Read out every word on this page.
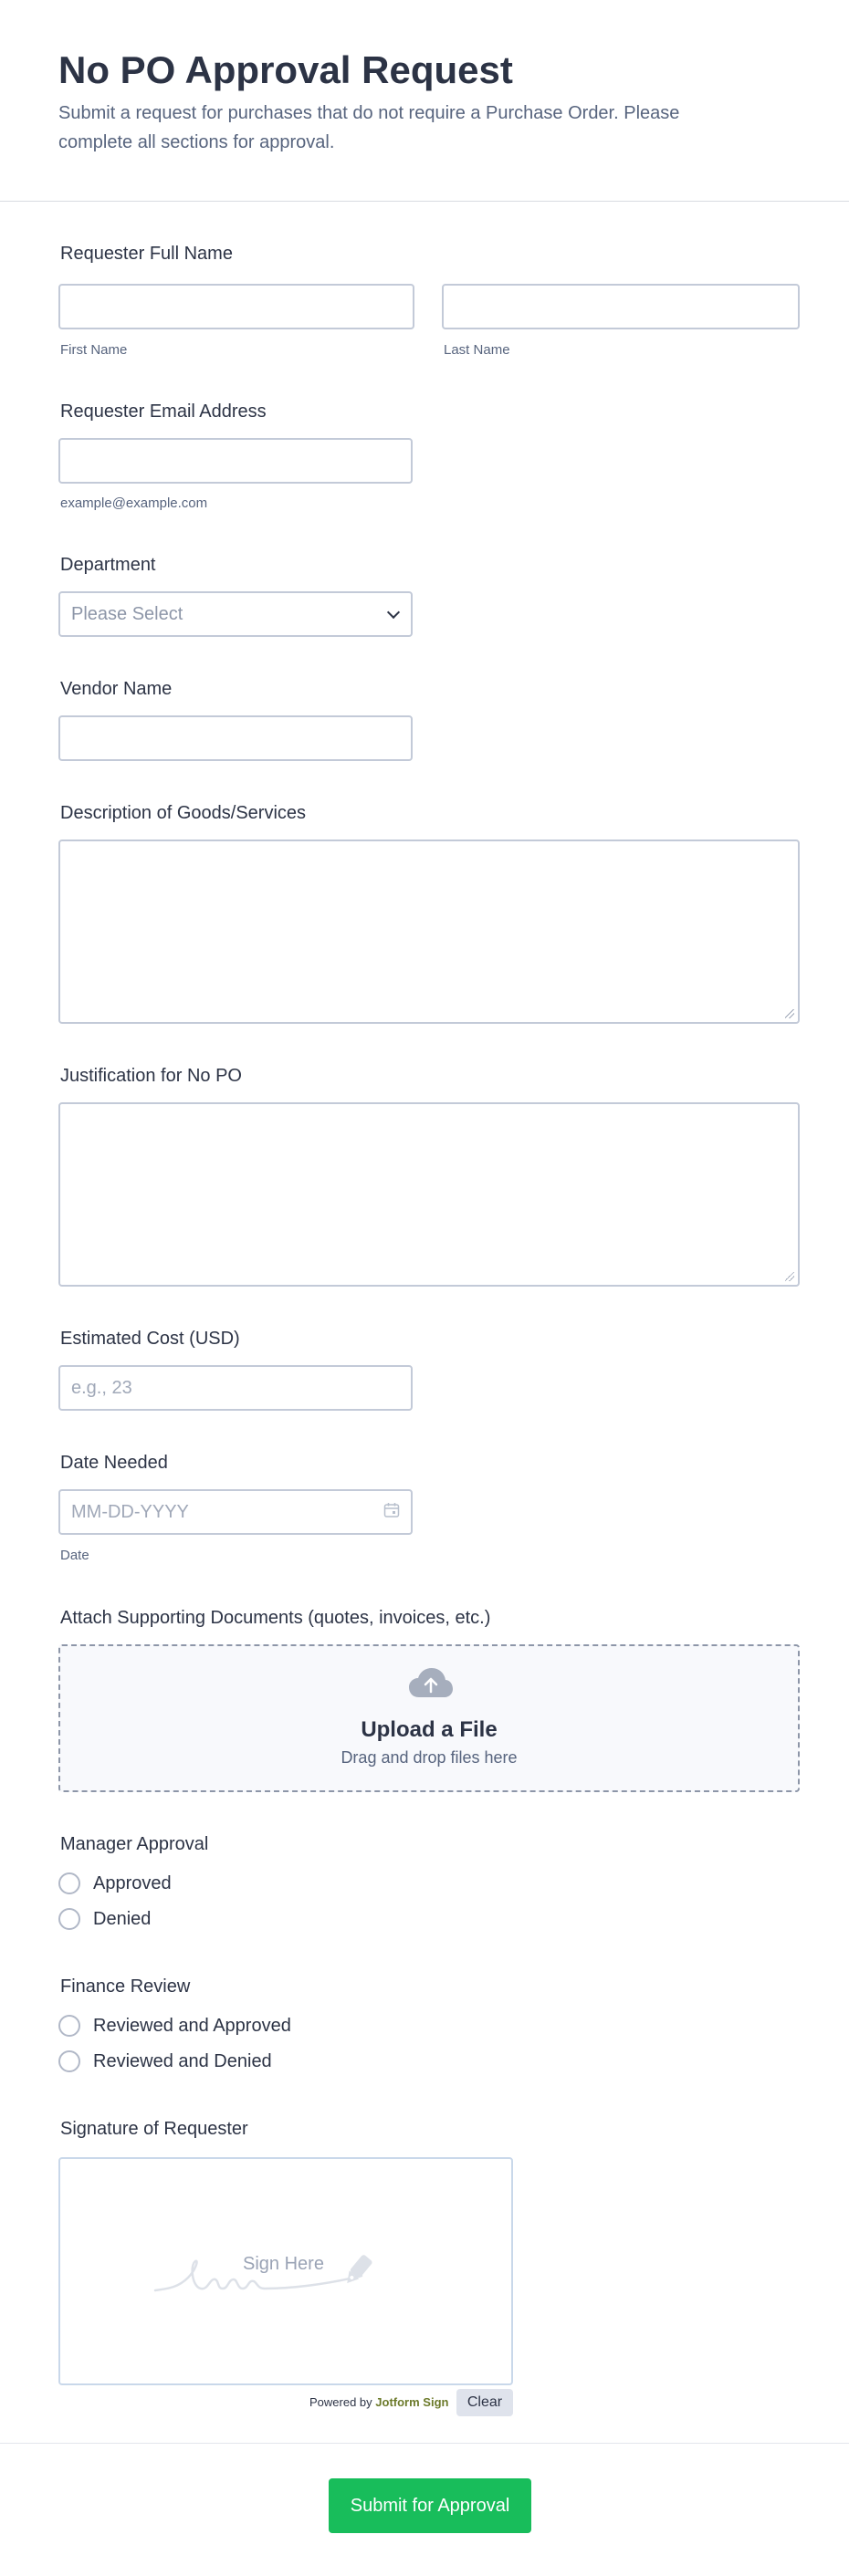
No PO Approval Request

Submit a request for purchases that do not require a Purchase Order. Please complete all sections for approval.

Requester Full Name
First Name	Last Name
Requester Email Address
example@example.com
Department
Please Select
Vendor Name
Description of Goods/Services
Justification for No PO
Estimated Cost (USD)
e.g., 23
Date Needed
MM-DD-YYYY
Date
Attach Supporting Documents (quotes, invoices, etc.)
Upload a File
Drag and drop files here
Manager Approval
Approved
Denied
Finance Review
Reviewed and Approved
Reviewed and Denied
Signature of Requester
Sign Here
Powered by Jotform Sign	Clear
Submit for Approval
